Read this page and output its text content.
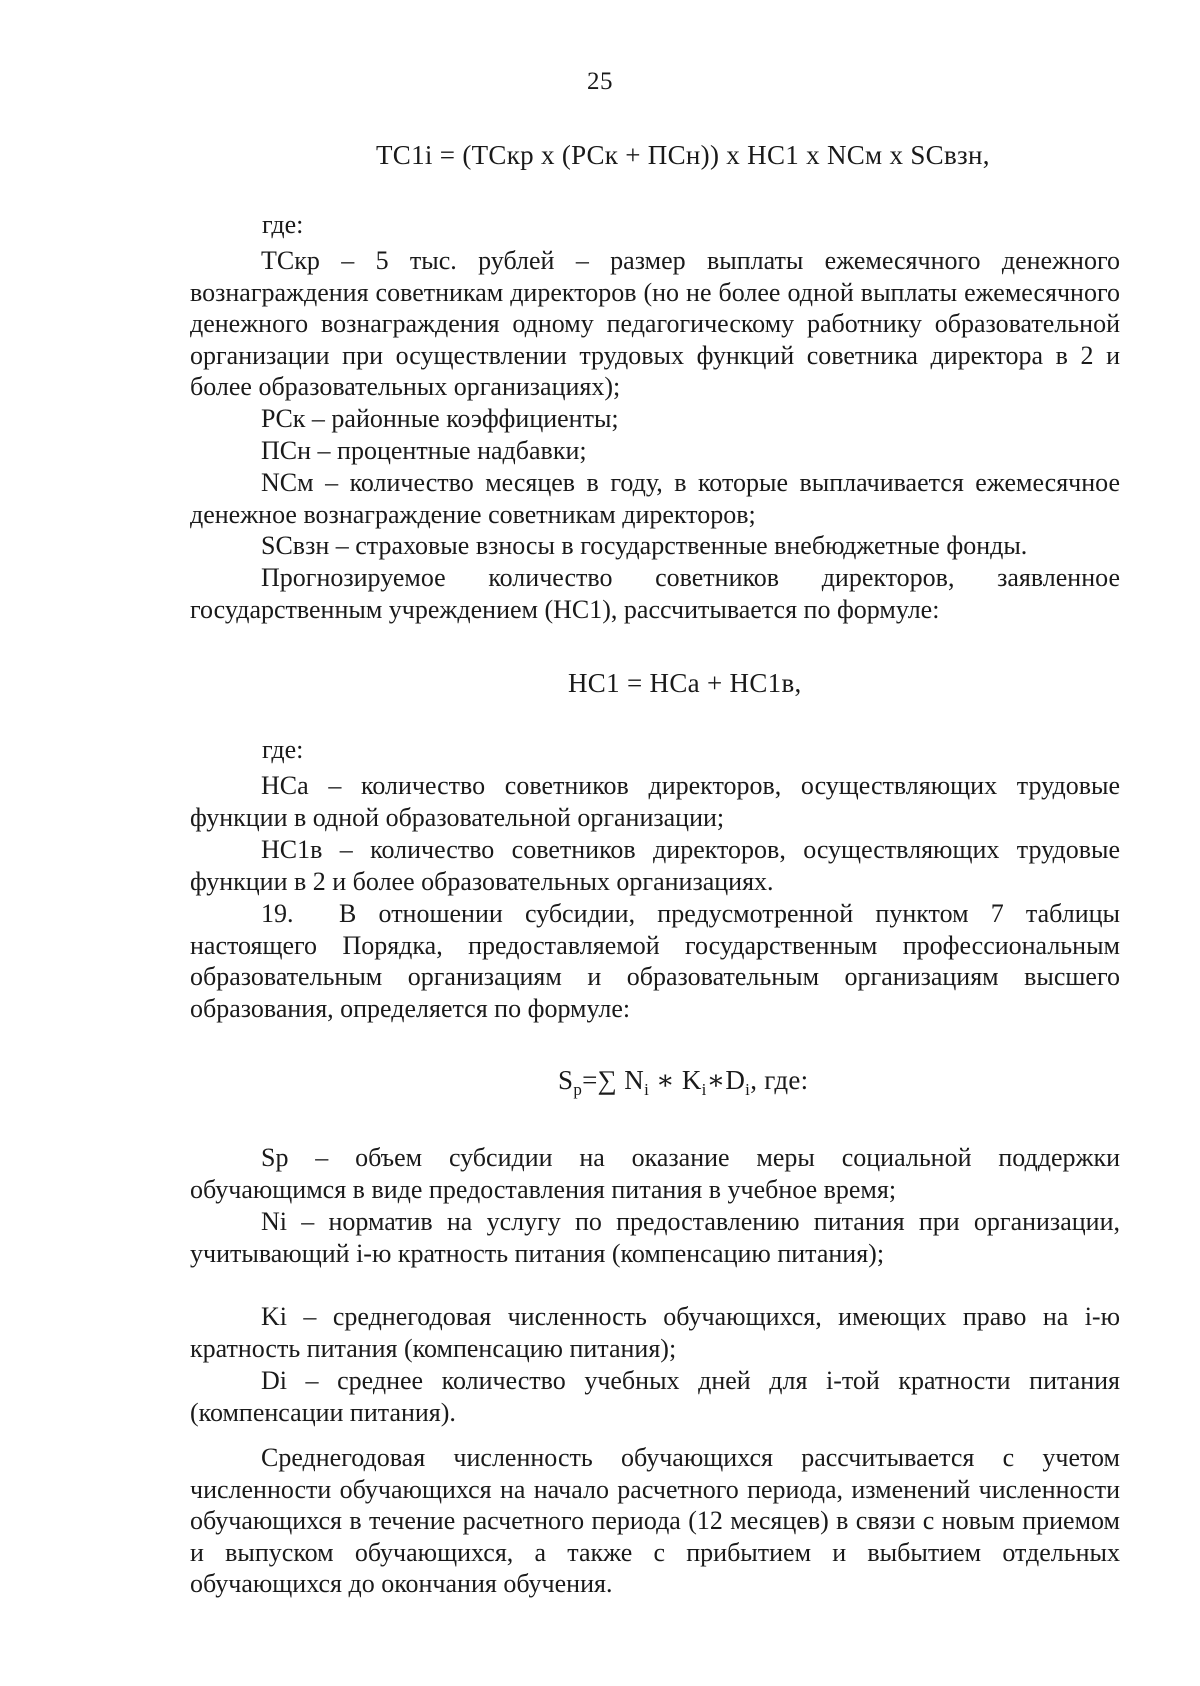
25
TC1i = (TCкр x (PCк + ПCн)) x HC1 x NCм x SCвзн,
где:
TCкр – 5 тыс. рублей – размер выплаты ежемесячного денежного вознаграждения советникам директоров (но не более одной выплаты ежемесячного денежного вознаграждения одному педагогическому работнику образовательной организации при осуществлении трудовых функций советника директора в 2 и более образовательных организациях);
PCк – районные коэффициенты;
ПCн – процентные надбавки;
NCм – количество месяцев в году, в которые выплачивается ежемесячное денежное вознаграждение советникам директоров;
SCвзн – страховые взносы в государственные внебюджетные фонды.
Прогнозируемое количество советников директоров, заявленное государственным учреждением (HC1), рассчитывается по формуле:
HC1 = HCа + HC1в,
где:
HCа – количество советников директоров, осуществляющих трудовые функции в одной образовательной организации;
HC1в – количество советников директоров, осуществляющих трудовые функции в 2 и более образовательных организациях.
19. В отношении субсидии, предусмотренной пунктом 7 таблицы настоящего Порядка, предоставляемой государственным профессиональным образовательным организациям и образовательным организациям высшего образования, определяется по формуле:
$S_p=\sum$ $N_i$ ∗ $K_i∗D_i$, где:
Sp – объем субсидии на оказание меры социальной поддержки обучающимся в виде предоставления питания в учебное время;
Ni – норматив на услугу по предоставлению питания при организации, учитывающий i-ю кратность питания (компенсацию питания);
Ki – среднегодовая численность обучающихся, имеющих право на i-ю кратность питания (компенсацию питания);
Di – среднее количество учебных дней для i-той кратности питания (компенсации питания).
Среднегодовая численность обучающихся рассчитывается с учетом численности обучающихся на начало расчетного периода, изменений численности обучающихся в течение расчетного периода (12 месяцев) в связи с новым приемом и выпуском обучающихся, а также с прибытием и выбытием отдельных обучающихся до окончания обучения.
